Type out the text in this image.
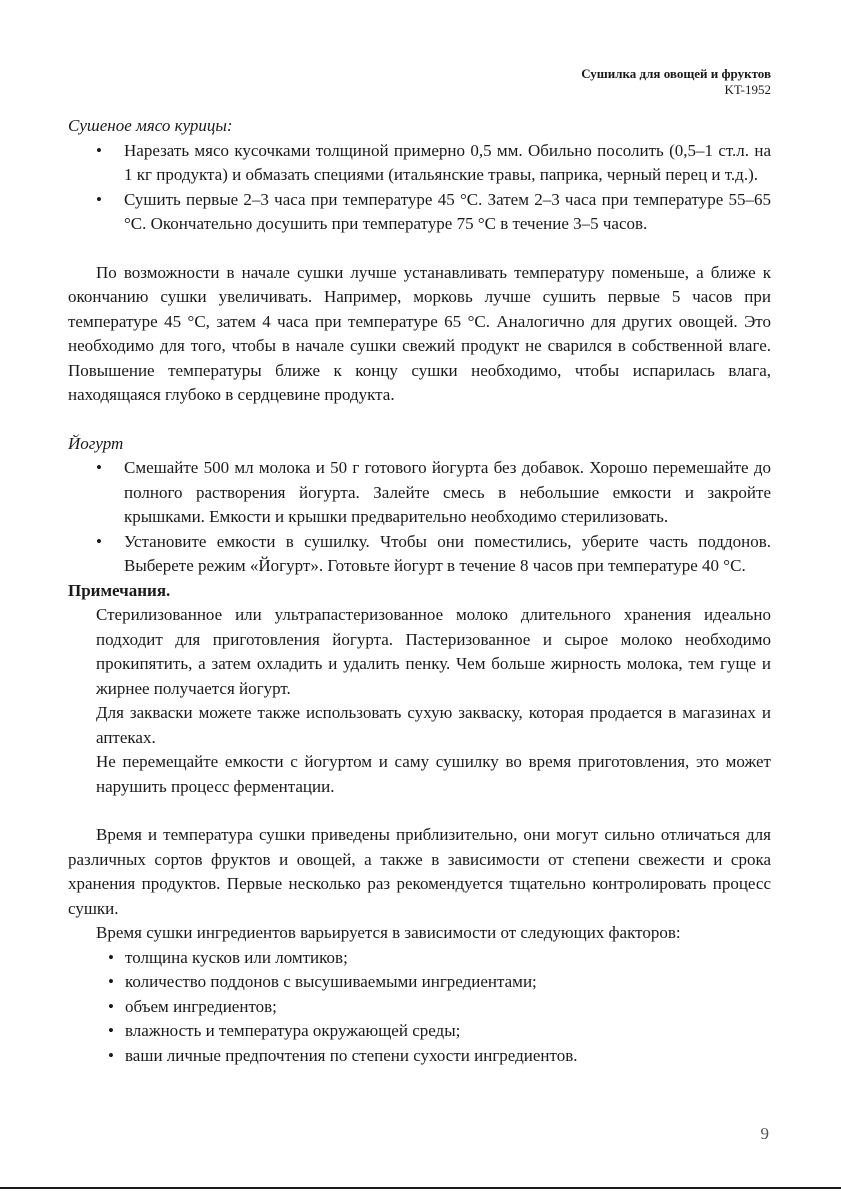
Сушилка для овощей и фруктов
KT-1952

Сушеное мясо курицы:

• Нарезать мясо кусочками толщиной примерно 0,5 мм. Обильно посолить (0,5–1 ст.л. на 1 кг продукта) и обмазать специями (итальянские травы, паприка, черный перец и т.д.).
• Сушить первые 2–3 часа при температуре 45 °C. Затем 2–3 часа при температуре 55–65 °C. Окончательно досушить при температуре 75 °C в течение 3–5 часов.

По возможности в начале сушки лучше устанавливать температуру поменьше, а ближе к окончанию сушки увеличивать. Например, морковь лучше сушить первые 5 часов при температуре 45 °C, затем 4 часа при температуре 65 °C. Аналогично для других овощей. Это необходимо для того, чтобы в начале сушки свежий продукт не сварился в собственной влаге. Повышение температуры ближе к концу сушки необходимо, чтобы испарилась влага, находящаяся глубоко в сердцевине продукта.

Йогурт

• Смешайте 500 мл молока и 50 г готового йогурта без добавок. Хорошо перемешайте до полного растворения йогурта. Залейте смесь в небольшие емкости и закройте крышками. Емкости и крышки предварительно необходимо стерилизовать.
• Установите емкости в сушилку. Чтобы они поместились, уберите часть поддонов. Выберете режим «Йогурт». Готовьте йогурт в течение 8 часов при температуре 40 °C.

Примечания.

Стерилизованное или ультрапастеризованное молоко длительного хранения идеально подходит для приготовления йогурта. Пастеризованное и сырое молоко необходимо прокипятить, а затем охладить и удалить пенку. Чем больше жирность молока, тем гуще и жирнее получается йогурт.

Для закваски можете также использовать сухую закваску, которая продается в магазинах и аптеках.

Не перемещайте емкости с йогуртом и саму сушилку во время приготовления, это может нарушить процесс ферментации.

Время и температура сушки приведены приблизительно, они могут сильно отличаться для различных сортов фруктов и овощей, а также в зависимости от степени свежести и срока хранения продуктов. Первые несколько раз рекомендуется тщательно контролировать процесс сушки.

Время сушки ингредиентов варьируется в зависимости от следующих факторов:

• толщина кусков или ломтиков;
• количество поддонов с высушиваемыми ингредиентами;
• объем ингредиентов;
• влажность и температура окружающей среды;
• ваши личные предпочтения по степени сухости ингредиентов.
9
